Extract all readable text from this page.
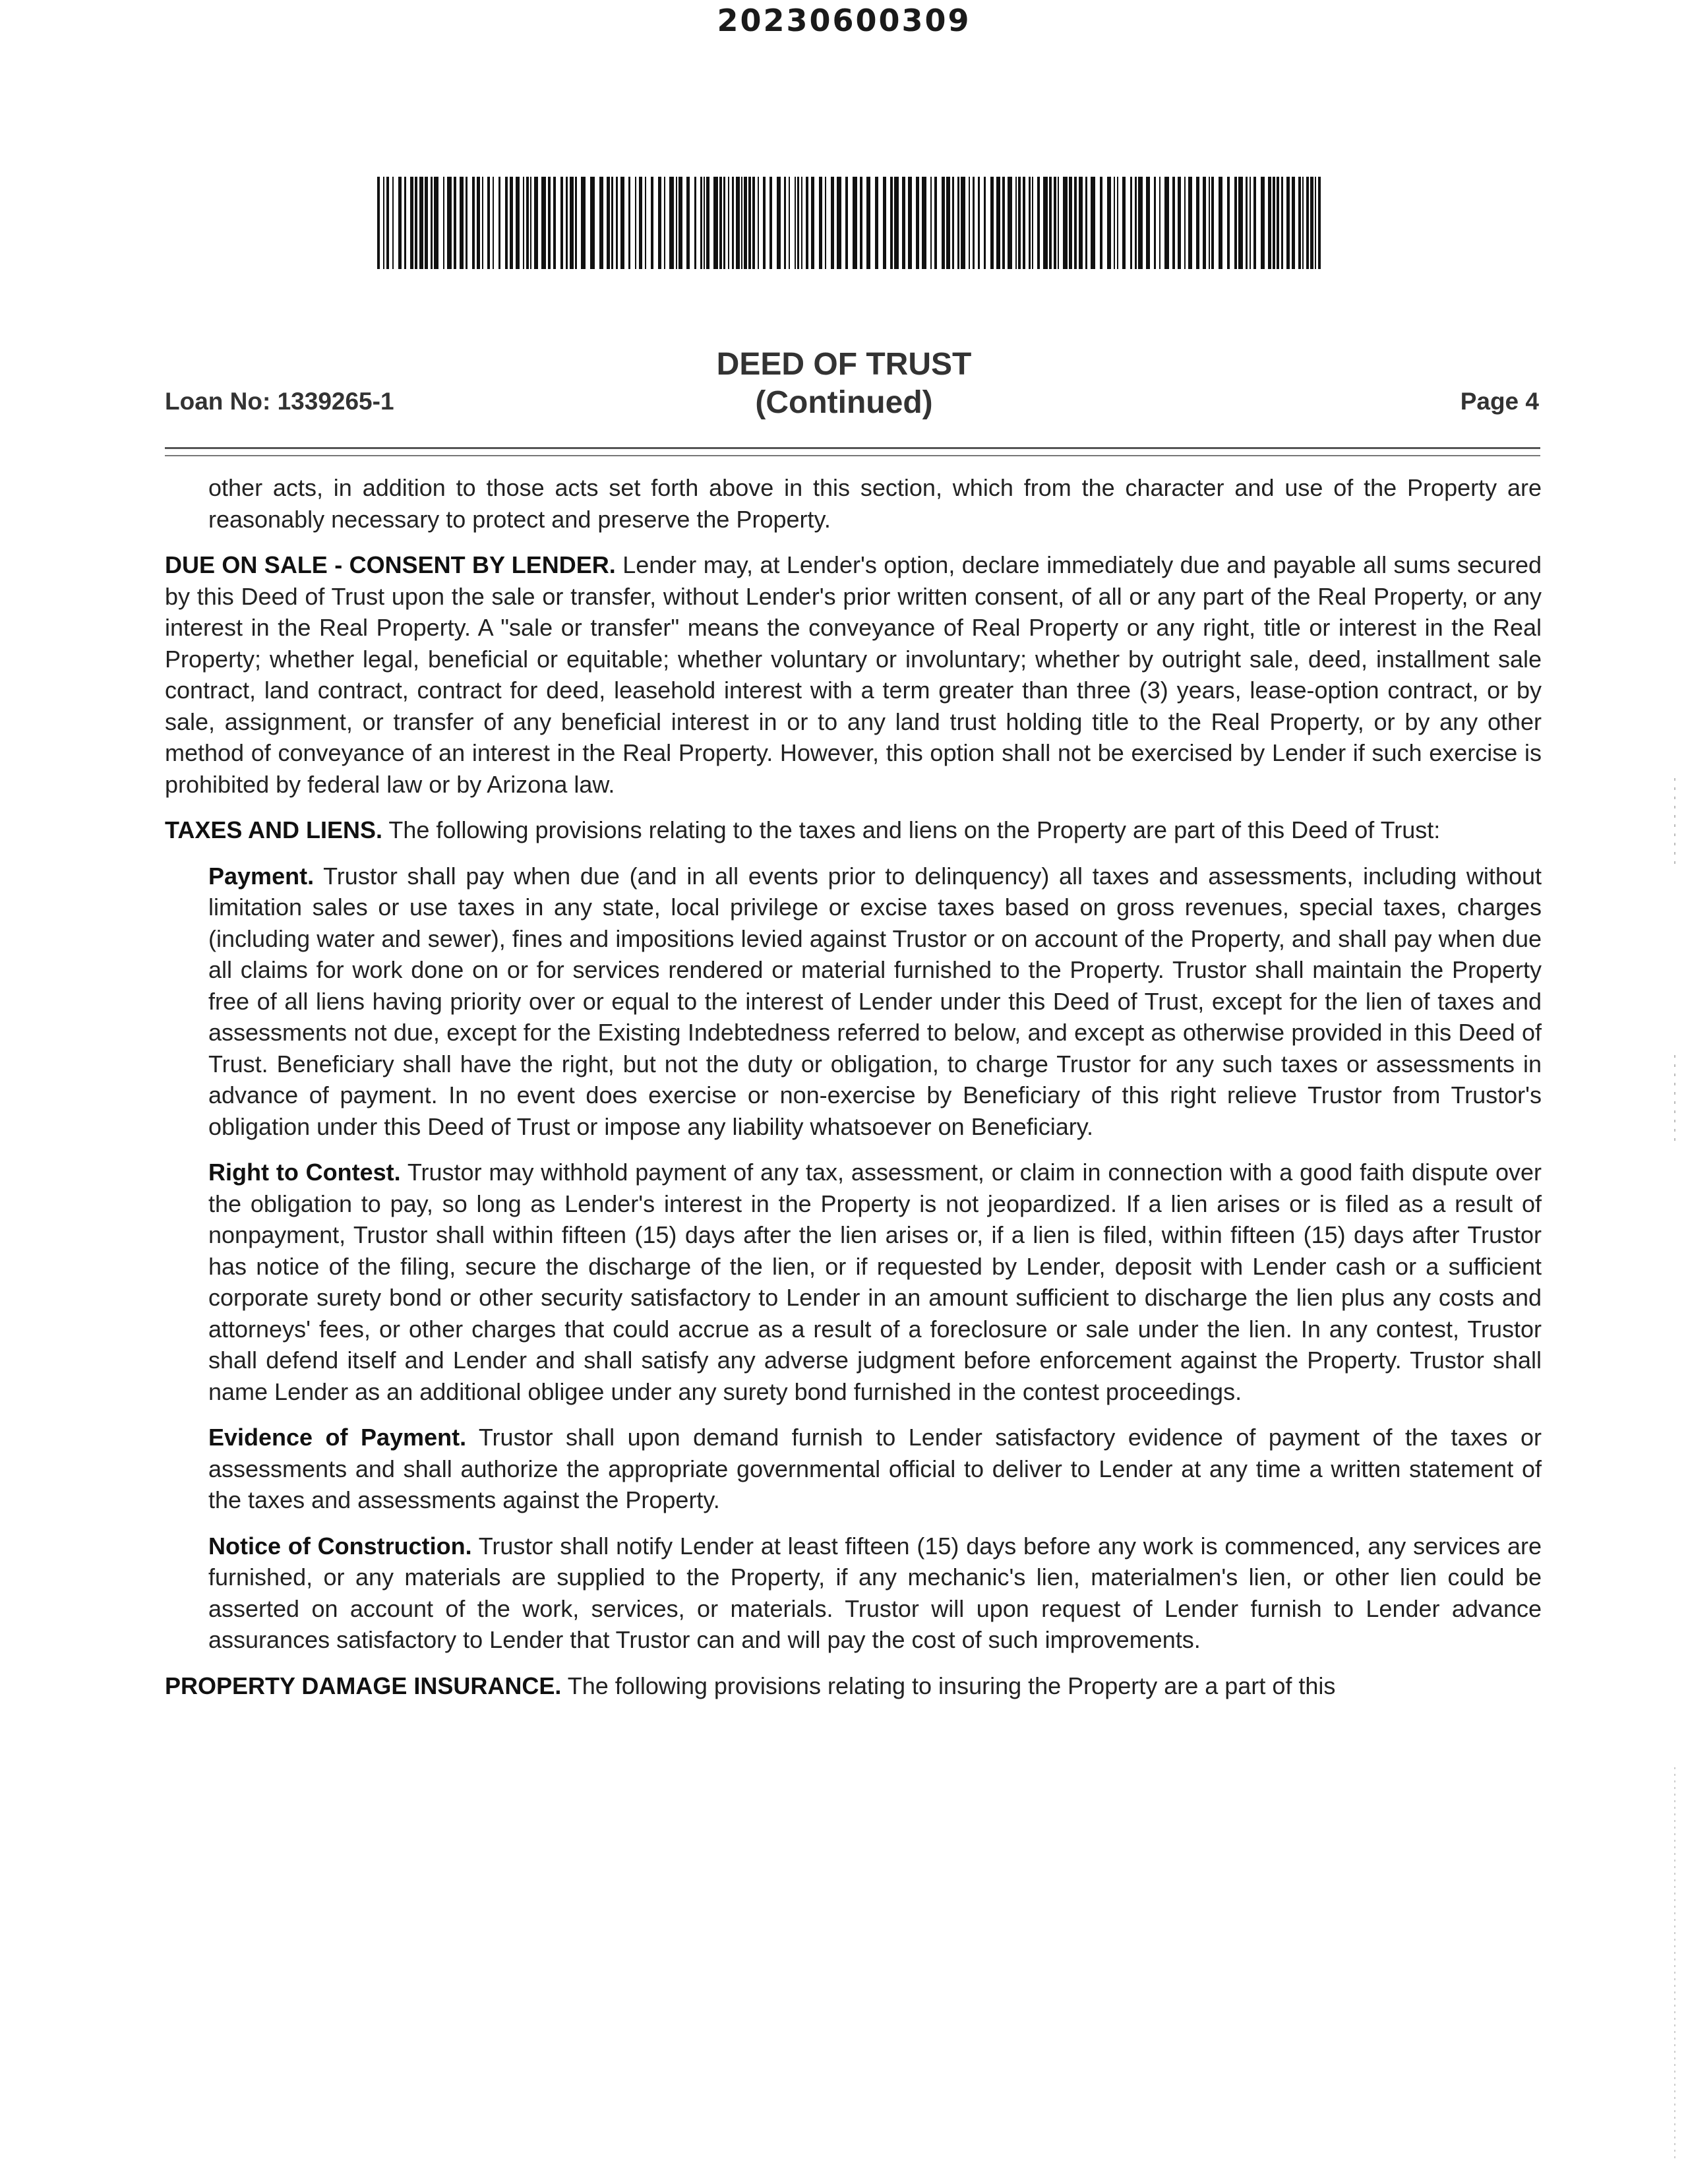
20230600309
DEED OF TRUST
(Continued)
Loan No: 1339265-1	Page 4

other acts, in addition to those acts set forth above in this section, which from the character and use of the Property are reasonably necessary to protect and preserve the Property.

DUE ON SALE - CONSENT BY LENDER. Lender may, at Lender's option, declare immediately due and payable all sums secured by this Deed of Trust upon the sale or transfer, without Lender's prior written consent, of all or any part of the Real Property, or any interest in the Real Property. A "sale or transfer" means the conveyance of Real Property or any right, title or interest in the Real Property; whether legal, beneficial or equitable; whether voluntary or involuntary; whether by outright sale, deed, installment sale contract, land contract, contract for deed, leasehold interest with a term greater than three (3) years, lease-option contract, or by sale, assignment, or transfer of any beneficial interest in or to any land trust holding title to the Real Property, or by any other method of conveyance of an interest in the Real Property. However, this option shall not be exercised by Lender if such exercise is prohibited by federal law or by Arizona law.

TAXES AND LIENS. The following provisions relating to the taxes and liens on the Property are part of this Deed of Trust:

Payment. Trustor shall pay when due (and in all events prior to delinquency) all taxes and assessments, including without limitation sales or use taxes in any state, local privilege or excise taxes based on gross revenues, special taxes, charges (including water and sewer), fines and impositions levied against Trustor or on account of the Property, and shall pay when due all claims for work done on or for services rendered or material furnished to the Property. Trustor shall maintain the Property free of all liens having priority over or equal to the interest of Lender under this Deed of Trust, except for the lien of taxes and assessments not due, except for the Existing Indebtedness referred to below, and except as otherwise provided in this Deed of Trust. Beneficiary shall have the right, but not the duty or obligation, to charge Trustor for any such taxes or assessments in advance of payment. In no event does exercise or non-exercise by Beneficiary of this right relieve Trustor from Trustor's obligation under this Deed of Trust or impose any liability whatsoever on Beneficiary.

Right to Contest. Trustor may withhold payment of any tax, assessment, or claim in connection with a good faith dispute over the obligation to pay, so long as Lender's interest in the Property is not jeopardized. If a lien arises or is filed as a result of nonpayment, Trustor shall within fifteen (15) days after the lien arises or, if a lien is filed, within fifteen (15) days after Trustor has notice of the filing, secure the discharge of the lien, or if requested by Lender, deposit with Lender cash or a sufficient corporate surety bond or other security satisfactory to Lender in an amount sufficient to discharge the lien plus any costs and attorneys' fees, or other charges that could accrue as a result of a foreclosure or sale under the lien. In any contest, Trustor shall defend itself and Lender and shall satisfy any adverse judgment before enforcement against the Property. Trustor shall name Lender as an additional obligee under any surety bond furnished in the contest proceedings.

Evidence of Payment. Trustor shall upon demand furnish to Lender satisfactory evidence of payment of the taxes or assessments and shall authorize the appropriate governmental official to deliver to Lender at any time a written statement of the taxes and assessments against the Property.

Notice of Construction. Trustor shall notify Lender at least fifteen (15) days before any work is commenced, any services are furnished, or any materials are supplied to the Property, if any mechanic's lien, materialmen's lien, or other lien could be asserted on account of the work, services, or materials. Trustor will upon request of Lender furnish to Lender advance assurances satisfactory to Lender that Trustor can and will pay the cost of such improvements.

PROPERTY DAMAGE INSURANCE. The following provisions relating to insuring the Property are a part of this
